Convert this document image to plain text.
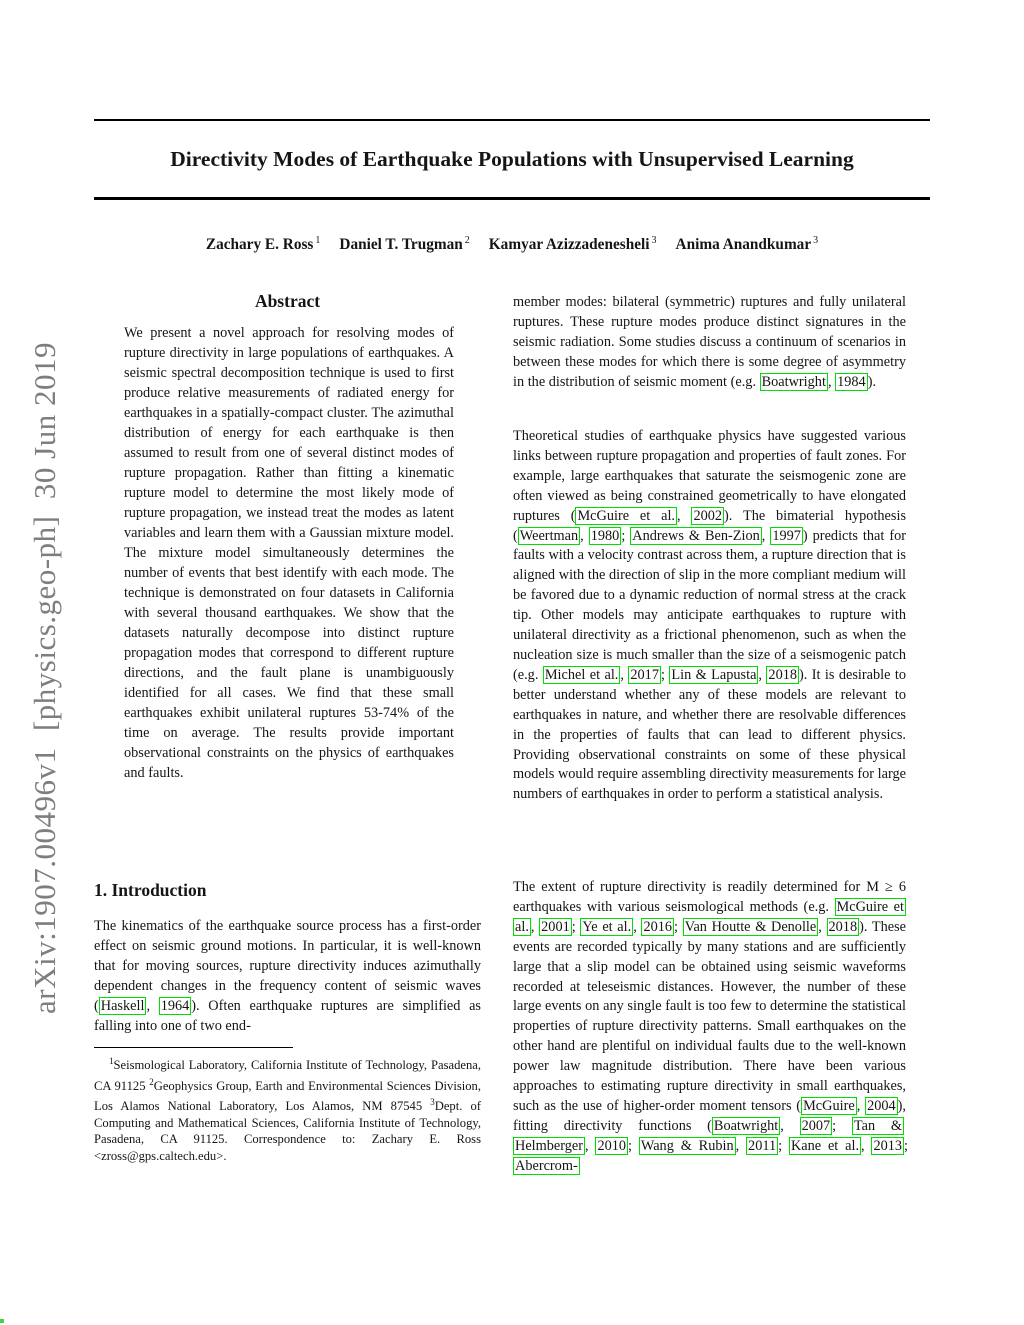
arXiv:1907.00496v1  [physics.geo-ph]  30 Jun 2019
Directivity Modes of Earthquake Populations with Unsupervised Learning
Zachary E. Ross $^1$ Daniel T. Trugman $^2$ Kamyar Azizzadenesheli $^3$ Anima Anandkumar $^3$
Abstract

We present a novel approach for resolving modes of rupture directivity in large populations of earthquakes. A seismic spectral decomposition technique is used to first produce relative measurements of radiated energy for earthquakes in a spatially-compact cluster. The azimuthal distribution of energy for each earthquake is then assumed to result from one of several distinct modes of rupture propagation. Rather than fitting a kinematic rupture model to determine the most likely mode of rupture propagation, we instead treat the modes as latent variables and learn them with a Gaussian mixture model. The mixture model simultaneously determines the number of events that best identify with each mode. The technique is demonstrated on four datasets in California with several thousand earthquakes. We show that the datasets naturally decompose into distinct rupture propagation modes that correspond to different rupture directions, and the fault plane is unambiguously identified for all cases. We find that these small earthquakes exhibit unilateral ruptures 53-74% of the time on average. The results provide important observational constraints on the physics of earthquakes and faults.

1. Introduction

The kinematics of the earthquake source process has a first-order effect on seismic ground motions. In particular, it is well-known that for moving sources, rupture directivity induces azimuthally dependent changes in the frequency content of seismic waves ( Haskell , 1964 ). Often earthquake ruptures are simplified as falling into one of two end-

$^1$Seismological Laboratory, California Institute of Technology, Pasadena, CA 91125 $^2$Geophysics Group, Earth and Environmental Sciences Division, Los Alamos National Laboratory, Los Alamos, NM 87545 $^3$Dept. of Computing and Mathematical Sciences, California Institute of Technology, Pasadena, CA 91125. Correspondence to: Zachary E. Ross <zross@gps.caltech.edu>.

member modes: bilateral (symmetric) ruptures and fully unilateral ruptures. These rupture modes produce distinct signatures in the seismic radiation. Some studies discuss a continuum of scenarios in between these modes for which there is some degree of asymmetry in the distribution of seismic moment (e.g. Boatwright , 1984 ).

Theoretical studies of earthquake physics have suggested various links between rupture propagation and properties of fault zones. For example, large earthquakes that saturate the seismogenic zone are often viewed as being constrained geometrically to have elongated ruptures ( McGuire et al. , 2002 ). The bimaterial hypothesis ( Weertman , 1980 ; Andrews & Ben-Zion , 1997 ) predicts that for faults with a velocity contrast across them, a rupture direction that is aligned with the direction of slip in the more compliant medium will be favored due to a dynamic reduction of normal stress at the crack tip. Other models may anticipate earthquakes to rupture with unilateral directivity as a frictional phenomenon, such as when the nucleation size is much smaller than the size of a seismogenic patch (e.g. Michel et al. , 2017 ; Lin & Lapusta , 2018 ). It is desirable to better understand whether any of these models are relevant to earthquakes in nature, and whether there are resolvable differences in the properties of faults that can lead to different physics. Providing observational constraints on some of these physical models would require assembling directivity measurements for large numbers of earthquakes in order to perform a statistical analysis.

The extent of rupture directivity is readily determined for M ≥ 6 earthquakes with various seismological methods (e.g. McGuire et al. , 2001 ; Ye et al. , 2016 ; Van Houtte & Denolle , 2018 ). These events are recorded typically by many stations and are sufficiently large that a slip model can be obtained using seismic waveforms recorded at teleseismic distances. However, the number of these large events on any single fault is too few to determine the statistical properties of rupture directivity patterns. Small earthquakes on the other hand are plentiful on individual faults due to the well-known power law magnitude distribution. There have been various approaches to estimating rupture directivity in small earthquakes, such as the use of higher-order moment tensors ( McGuire , 2004 ), fitting directivity functions ( Boatwright , 2007 ; Tan & Helmberger , 2010 ; Wang & Rubin , 2011 ; Kane et al. , 2013 ; Abercrom-
